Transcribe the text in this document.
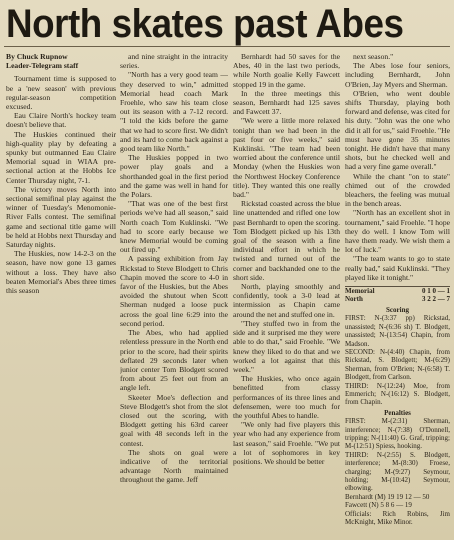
North skates past Abes

By Chuck Rupnow
Leader-Telegram staff

Tournament time is supposed to be a 'new season' with previous regular-season competition excused.

Eau Claire North's hockey team doesn't believe that.

The Huskies continued their high-quality play by defeating a spunky but outmanned Eau Claire Memorial squad in WIAA pre-sectional action at the Hobbs Ice Center Thursday night, 7-1.

The victory moves North into sectional semifinal play against the winner of Tuesday's Menomonie-River Falls contest. The semifinal game and sectional title game will be held at Hobbs next Thursday and Saturday nights.

The Huskies, now 14-2-3 on the season, have now gone 13 games without a loss. They have also beaten Memorial's Abes three times this season

and nine straight in the intracity series.

"North has a very good team — they deserved to win," admitted Memorial head coach Mark Froehle, who saw his team close out its season with a 7-12 record. "I told the kids before the game that we had to score first. We didn't and its hard to come back against a good team like North."

The Huskies popped in two power play goals and a shorthanded goal in the first period and the game was well in hand for the Polars.

"That was one of the best first periods we've had all season," said North coach Tom Kuklinski. "We had to score early because we knew Memorial would be coming out fired up."

A passing exhibition from Jay Rickstad to Steve Blodgett to Chris Chapin moved the score to 4-0 in favor of the Huskies, but the Abes avoided the shutout when Scott Sherman nudged a loose puck across the goal line 6:29 into the second period.

The Abes, who had applied relentless pressure in the North end prior to the score, had their spirits deflated 29 seconds later when junior center Tom Blodgett scored from about 25 feet out from an angle left.

Skeeter Moe's deflection and Steve Blodgett's shot from the slot closed out the scoring, with Blodgett getting his 63rd career goal with 48 seconds left in the contest.

The shots on goal were indicative of the territorial advantage North maintained throughout the game. Jeff

Bernhardt had 50 saves for the Abes, 40 in the last two periods, while North goalie Kelly Fawcett stopped 19 in the game.

In the three meetings this season, Bernhardt had 125 saves and Fawcett 37.

"We were a little more relaxed tonight than we had been in the past four or five weeks," said Kuklinski. "The team had been worried about the conference until Monday (when the Huskies won the Northwest Hockey Conference title). They wanted this one really bad."

Rickstad coasted across the blue line unattended and rifled one low past Bernhardt to open the scoring. Tom Blodgett picked up his 13th goal of the season with a fine individual effort in which he twisted and turned out of the corner and backhanded one to the short side.

North, playing smoothly and confidently, took a 3-0 lead at intermission as Chapin came around the net and stuffed one in.

"They stuffed two in from the side and it surprised me they were able to do that," said Froehle. "We knew they liked to do that and we worked a lot against that this week."

The Huskies, who once again benefitted from classy performances of its three lines and defensemen, were too much for the youthful Abes to handle.

"We only had five players this year who had any experience from last season," said Froehle. "We put a lot of sophomores in key positions. We should be better

next season."

The Abes lose four seniors, including Bernhardt, John O'Brien, Jay Myers and Sherman.

O'Brien, who went double shifts Thursday, playing both forward and defense, was cited for his duty. "John was the one who did it all for us," said Froehle. "He must have gone 35 minutes tonight. He didn't have that many shots, but he checked well and had a very fine game overall."

While the chant "on to state" chimed out of the crowded bleachers, the feeling was mutual in the bench areas.

"North has an excellent shot in tournament," said Froehle. "I hope they do well. I know Tom will have them ready. We wish them a lot of luck."

"The team wants to go to state really bad," said Kuklinski. "They played like it tonight."

Memorial	0 1 0 — 1
North	3 2 2 — 7
Scoring

FIRST: N-(3:37 pp) Rickstad, unassisted; N-(6:36 sh) T. Blodgett, unassisted; N-(13:54) Chapin, from Madson.

SECOND: N-(4:40) Chapin, from Rickstad, S. Blodgett; M-(6:29) Sherman, from O'Brien; N-(6:58) T. Blodgett, from Carlson.

THIRD: N-(12:24) Moe, from Emmerich; N-(16:12) S. Blodgett, from Chapin.

Penalties

FIRST: M-(2:31) Sherman, interference; N-(7:38) O'Donnell, tripping; N-(11:40) G. Graf, tripping; M-(12:51) Spiess, hooking.

THIRD: N-(2:55) S. Blodgett, interference; M-(8:30) Froese, charging; M-(9:27) Seymour, holding; M-(10:42) Seymour, elbowing.

Bernhardt (M) 19 19 12 — 50

Fawcett (N) 5 8 6 — 19

Officials: Rich Robins, Jim McKnight, Mike Minor.
